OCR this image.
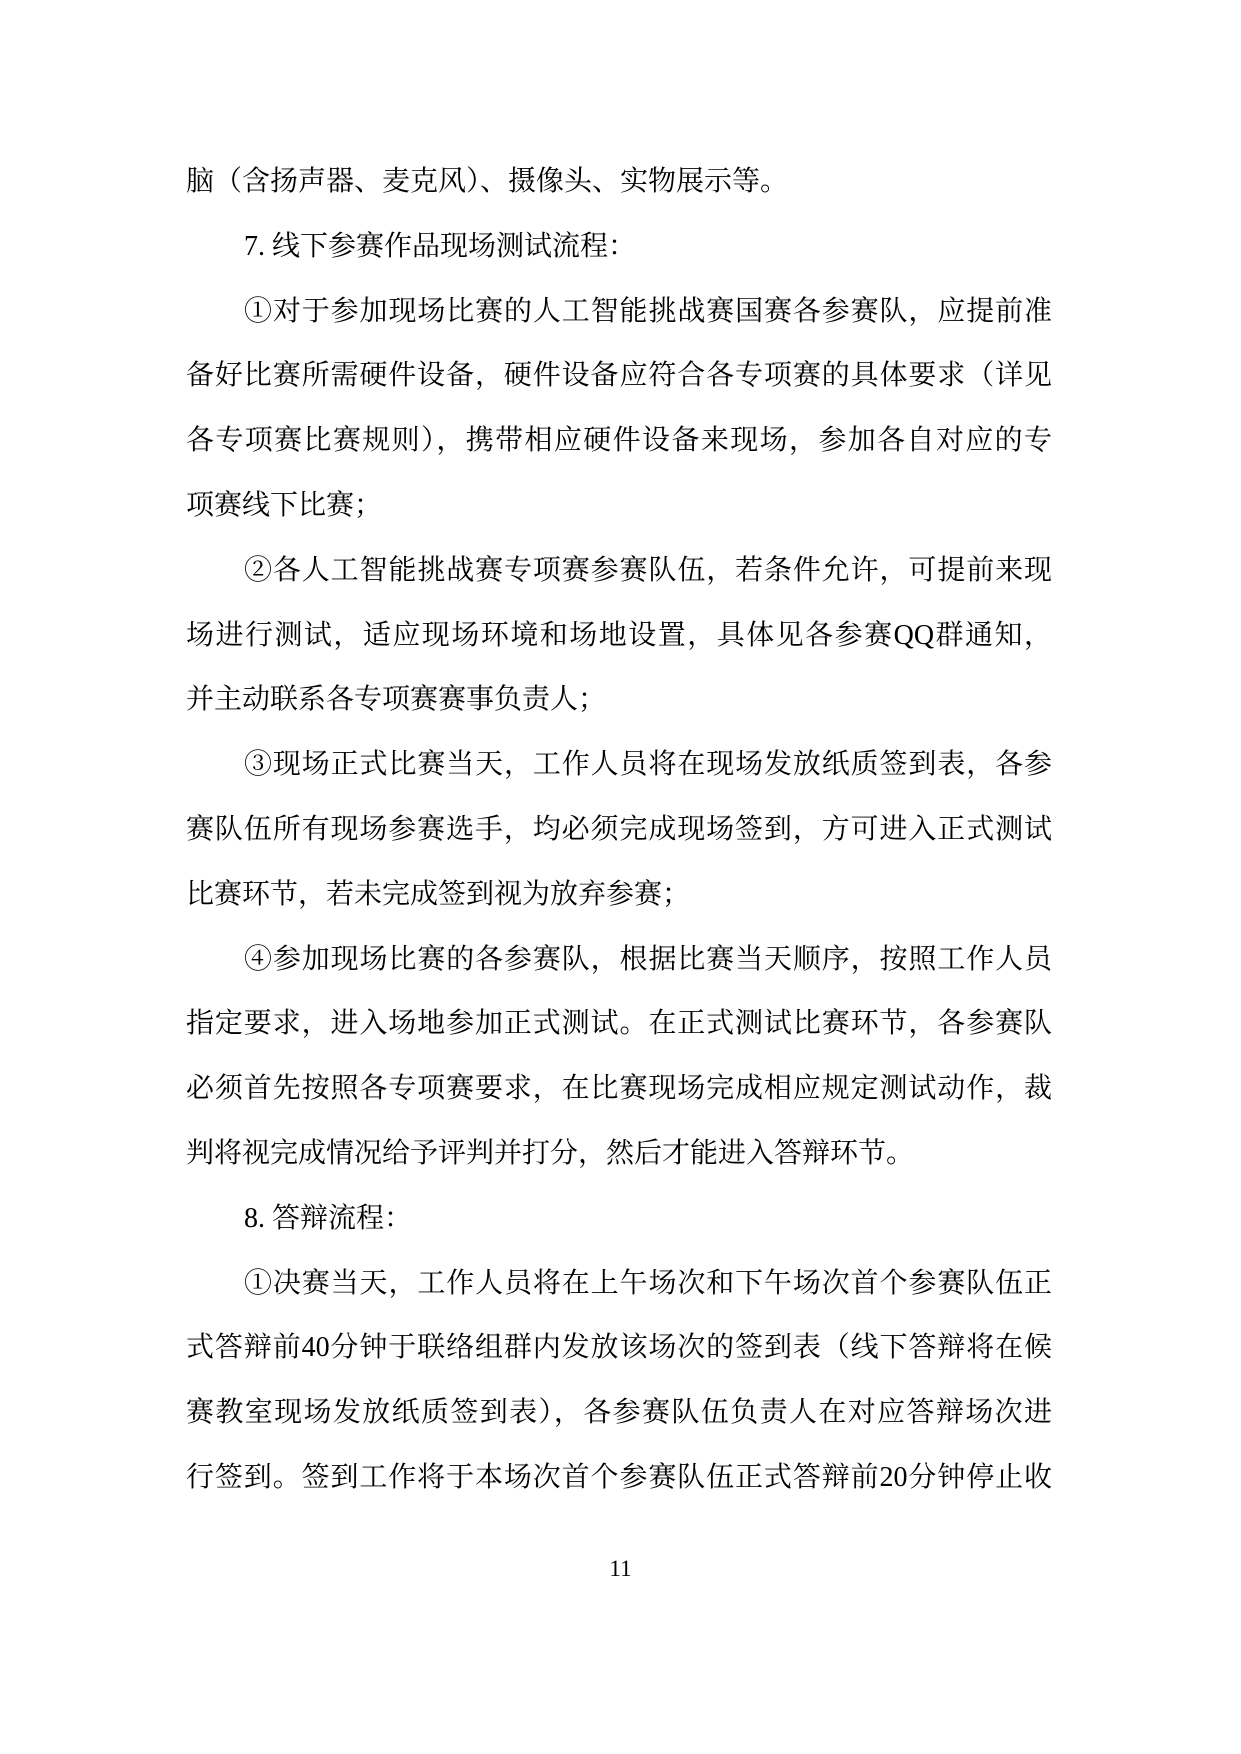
脑（含扬声器、麦克风）、摄像头、实物展示等。
7. 线下参赛作品现场测试流程：
①对于参加现场比赛的人工智能挑战赛国赛各参赛队，应提前准
备好比赛所需硬件设备，硬件设备应符合各专项赛的具体要求（详见
各专项赛比赛规则），携带相应硬件设备来现场，参加各自对应的专
项赛线下比赛；
②各人工智能挑战赛专项赛参赛队伍，若条件允许，可提前来现
场进行测试，适应现场环境和场地设置，具体见各参赛QQ群通知，
并主动联系各专项赛赛事负责人；
③现场正式比赛当天，工作人员将在现场发放纸质签到表，各参
赛队伍所有现场参赛选手，均必须完成现场签到，方可进入正式测试
比赛环节，若未完成签到视为放弃参赛；
④参加现场比赛的各参赛队，根据比赛当天顺序，按照工作人员
指定要求，进入场地参加正式测试。在正式测试比赛环节，各参赛队
必须首先按照各专项赛要求，在比赛现场完成相应规定测试动作，裁
判将视完成情况给予评判并打分，然后才能进入答辩环节。
8. 答辩流程：
①决赛当天，工作人员将在上午场次和下午场次首个参赛队伍正
式答辩前40分钟于联络组群内发放该场次的签到表（线下答辩将在候
赛教室现场发放纸质签到表），各参赛队伍负责人在对应答辩场次进
行签到。签到工作将于本场次首个参赛队伍正式答辩前20分钟停止收
11
